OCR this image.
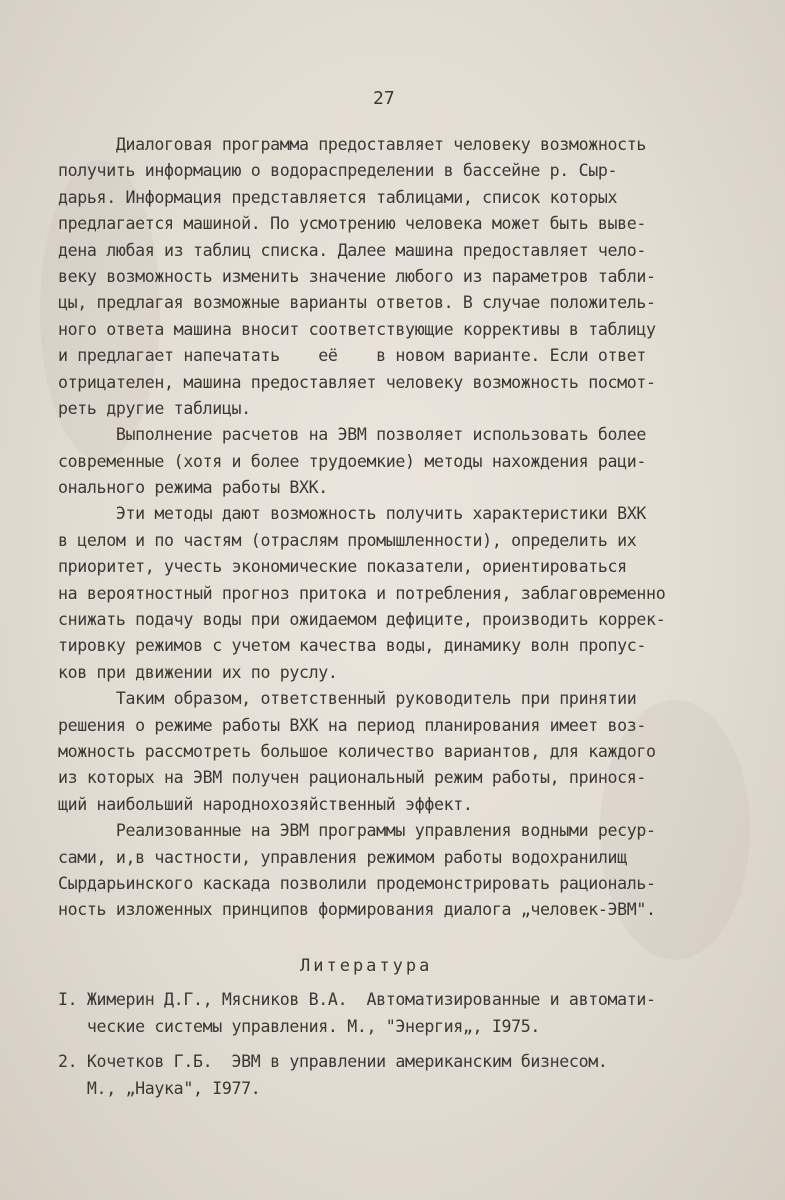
27
Диалоговая программа предоставляет человеку возможность
получить информацию о водораспределении в бассейне р. Сыр-
дарья. Информация представляется таблицами, список которых
предлагается машиной. По усмотрению человека может быть выве-
дена любая из таблиц списка. Далее машина предоставляет чело-
веку возможность изменить значение любого из параметров табли-
цы, предлагая возможные варианты ответов. В случае положитель-
ного ответа машина вносит соответствующие коррективы в таблицу
и предлагает напечатать    её    в новом варианте. Если ответ
отрицателен, машина предоставляет человеку возможность посмот-
реть другие таблицы.
Выполнение расчетов на ЭВМ позволяет использовать более
современные (хотя и более трудоемкие) методы нахождения раци-
онального режима работы ВХК.
Эти методы дают возможность получить характеристики ВХК
в целом и по частям (отраслям промышленности), определить их
приоритет, учесть экономические показатели, ориентироваться
на вероятностный прогноз притока и потребления, заблаговременно
снижать подачу воды при ожидаемом дефиците, производить коррек-
тировку режимов с учетом качества воды, динамику волн пропус-
ков при движении их по руслу.
Таким образом, ответственный руководитель при принятии
решения о режиме работы ВХК на период планирования имеет воз-
можность рассмотреть большое количество вариантов, для каждого
из которых на ЭВМ получен рациональный режим работы, принося-
щий наибольший народнохозяйственный эффект.
Реализованные на ЭВМ программы управления водными ресур-
сами, и,в частности, управления режимом работы водохранилищ
Сырдарьинского каскада позволили продемонстрировать рациональ-
ность изложенных принципов формирования диалога „человек-ЭВМ".
Литература
I. Жимерин Д.Г., Мясников В.А.  Автоматизированные и автомати-
ческие системы управления. М., "Энергия„, I975.
2. Кочетков Г.Б.  ЭВМ в управлении американским бизнесом.
М., „Наука", I977.
